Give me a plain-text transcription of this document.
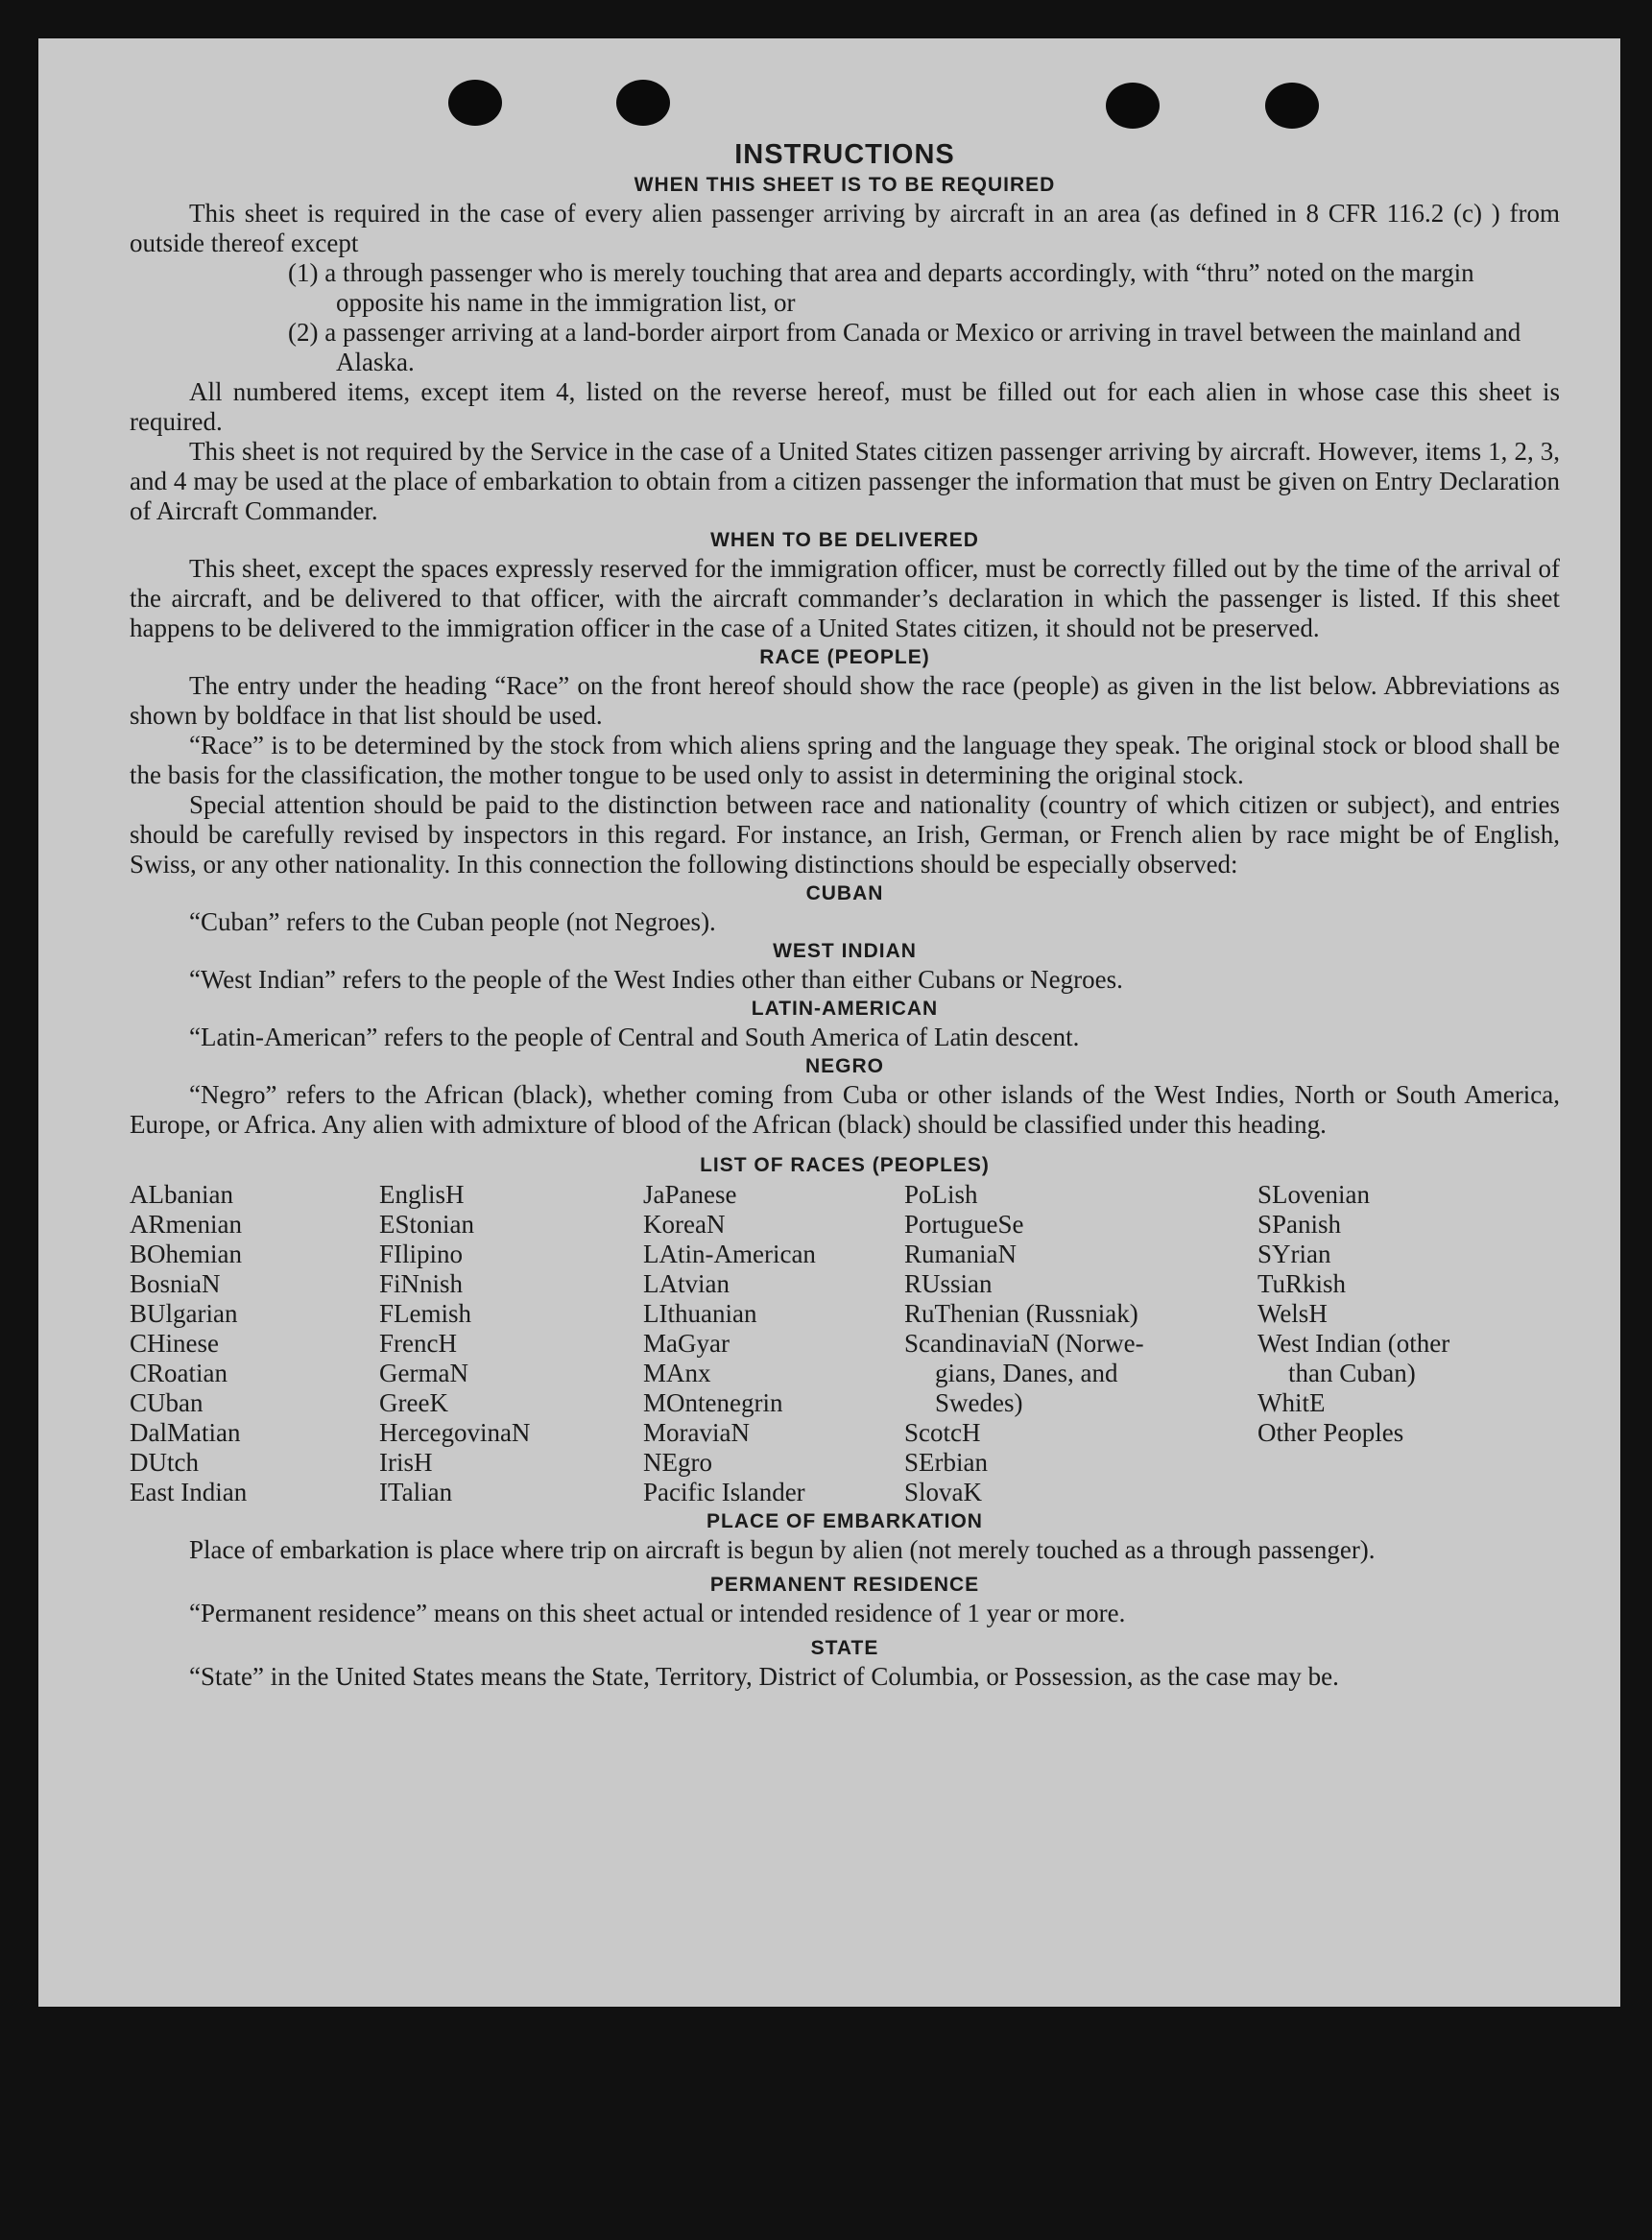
INSTRUCTIONS
WHEN THIS SHEET IS TO BE REQUIRED

This sheet is required in the case of every alien passenger arriving by aircraft in an area (as defined in 8 CFR 116.2 (c) ) from outside thereof except

(1) a through passenger who is merely touching that area and departs accordingly, with “thru” noted on the margin opposite his name in the immigration list, or

(2) a passenger arriving at a land-border airport from Canada or Mexico or arriving in travel between the mainland and Alaska.

All numbered items, except item 4, listed on the reverse hereof, must be filled out for each alien in whose case this sheet is required.

This sheet is not required by the Service in the case of a United States citizen passenger arriving by aircraft. However, items 1, 2, 3, and 4 may be used at the place of embarkation to obtain from a citizen passenger the information that must be given on Entry Declaration of Aircraft Commander.

WHEN TO BE DELIVERED

This sheet, except the spaces expressly reserved for the immigration officer, must be correctly filled out by the time of the arrival of the aircraft, and be delivered to that officer, with the aircraft commander’s declaration in which the passenger is listed. If this sheet happens to be delivered to the immigration officer in the case of a United States citizen, it should not be preserved.

RACE (PEOPLE)

The entry under the heading “Race” on the front hereof should show the race (people) as given in the list below. Abbreviations as shown by boldface in that list should be used.

“Race” is to be determined by the stock from which aliens spring and the language they speak. The original stock or blood shall be the basis for the classification, the mother tongue to be used only to assist in determining the original stock.

Special attention should be paid to the distinction between race and nationality (country of which citizen or subject), and entries should be carefully revised by inspectors in this regard. For instance, an Irish, German, or French alien by race might be of English, Swiss, or any other nationality. In this connection the following distinctions should be especially observed:

CUBAN

“Cuban” refers to the Cuban people (not Negroes).

WEST INDIAN

“West Indian” refers to the people of the West Indies other than either Cubans or Negroes.

LATIN-AMERICAN

“Latin-American” refers to the people of Central and South America of Latin descent.

NEGRO

“Negro” refers to the African (black), whether coming from Cuba or other islands of the West Indies, North or South America, Europe, or Africa. Any alien with admixture of blood of the African (black) should be classified under this heading.

LIST OF RACES (PEOPLES)
ALbanian
ARmenian
BOhemian
BosniaN
BUlgarian
CHinese
CRoatian
CUban
DalMatian
DUtch
East Indian
EnglisH
EStonian
FIlipino
FiNnish
FLemish
FrencH
GermaN
GreeK
HercegovinaN
IrisH
ITalian
JaPanese
KoreaN
LAtin-American
LAtvian
LIthuanian
MaGyar
MAnx
MOntenegrin
MoraviaN
NEgro
Pacific Islander
PoLish
PortugueSe
RumaniaN
RUssian
RuThenian (Russniak)
ScandinaviaN (Norwe-
gians, Danes, and
Swedes)
ScotcH
SErbian
SlovaK
SLovenian
SPanish
SYrian
TuRkish
WelsH
West Indian (other
than Cuban)
WhitE
Other Peoples
PLACE OF EMBARKATION

Place of embarkation is place where trip on aircraft is begun by alien (not merely touched as a through passenger).

PERMANENT RESIDENCE

“Permanent residence” means on this sheet actual or intended residence of 1 year or more.

STATE

“State” in the United States means the State, Territory, District of Columbia, or Possession, as the case may be.
